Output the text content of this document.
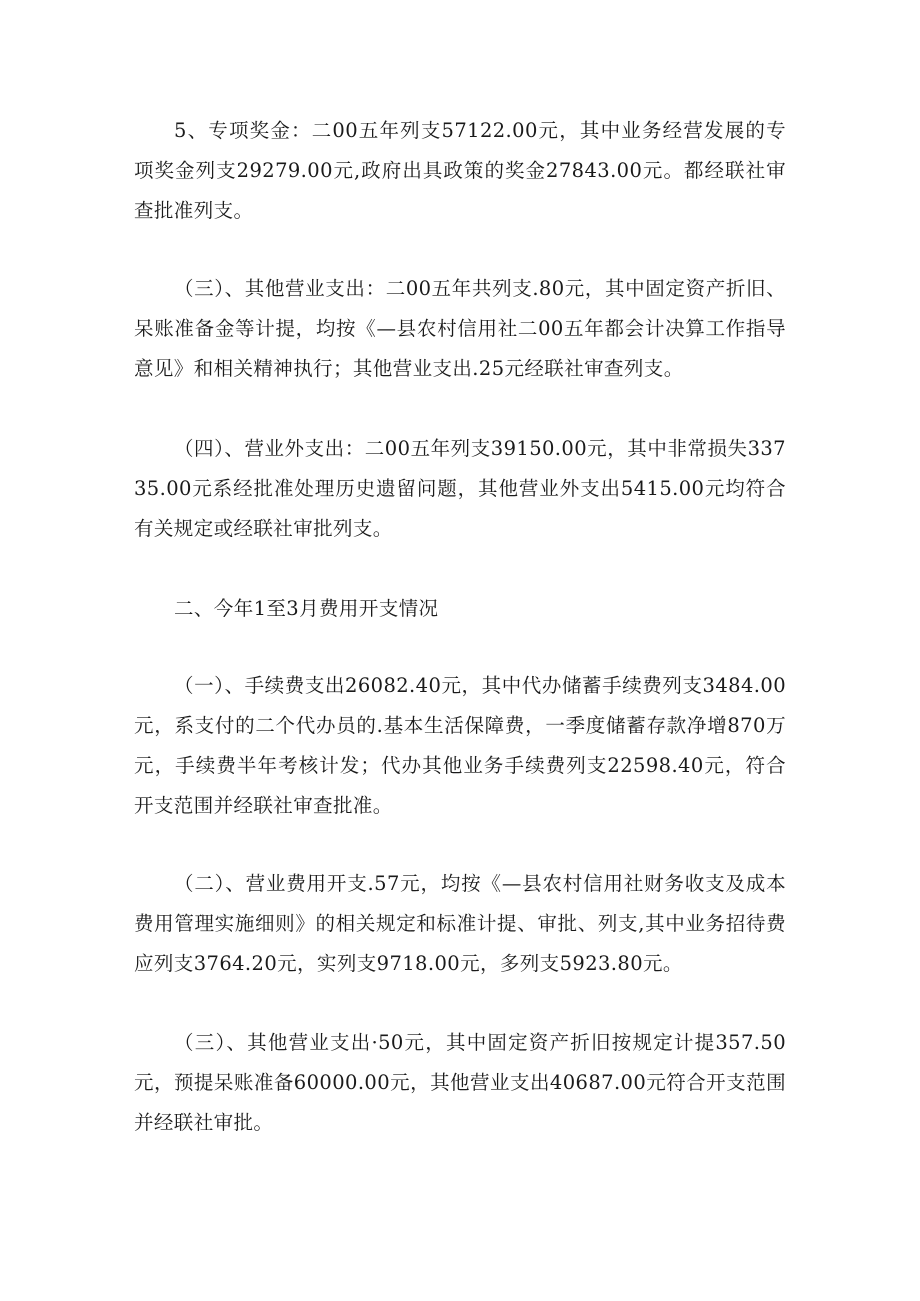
5、专项奖金：二00五年列支57122.00元，其中业务经营发展的专项奖金列支29279.00元,政府出具政策的奖金27843.00元。都经联社审查批准列支。

（三）、其他营业支出：二00五年共列支.80元，其中固定资产折旧、呆账准备金等计提，均按《—县农村信用社二00五年都会计决算工作指导意见》和相关精神执行；其他营业支出.25元经联社审查列支。

（四）、营业外支出：二00五年列支39150.00元，其中非常损失33735.00元系经批准处理历史遗留问题，其他营业外支出5415.00元均符合有关规定或经联社审批列支。

二、今年1至3月费用开支情况

（一）、手续费支出26082.40元，其中代办储蓄手续费列支3484.00元，系支付的二个代办员的.基本生活保障费，一季度储蓄存款净增870万元，手续费半年考核计发；代办其他业务手续费列支22598.40元，符合开支范围并经联社审查批准。

（二）、营业费用开支.57元，均按《—县农村信用社财务收支及成本费用管理实施细则》的相关规定和标准计提、审批、列支,其中业务招待费应列支3764.20元，实列支9718.00元，多列支5923.80元。

（三）、其他营业支出·50元，其中固定资产折旧按规定计提357.50元，预提呆账准备60000.00元，其他营业支出40687.00元符合开支范围并经联社审批。
